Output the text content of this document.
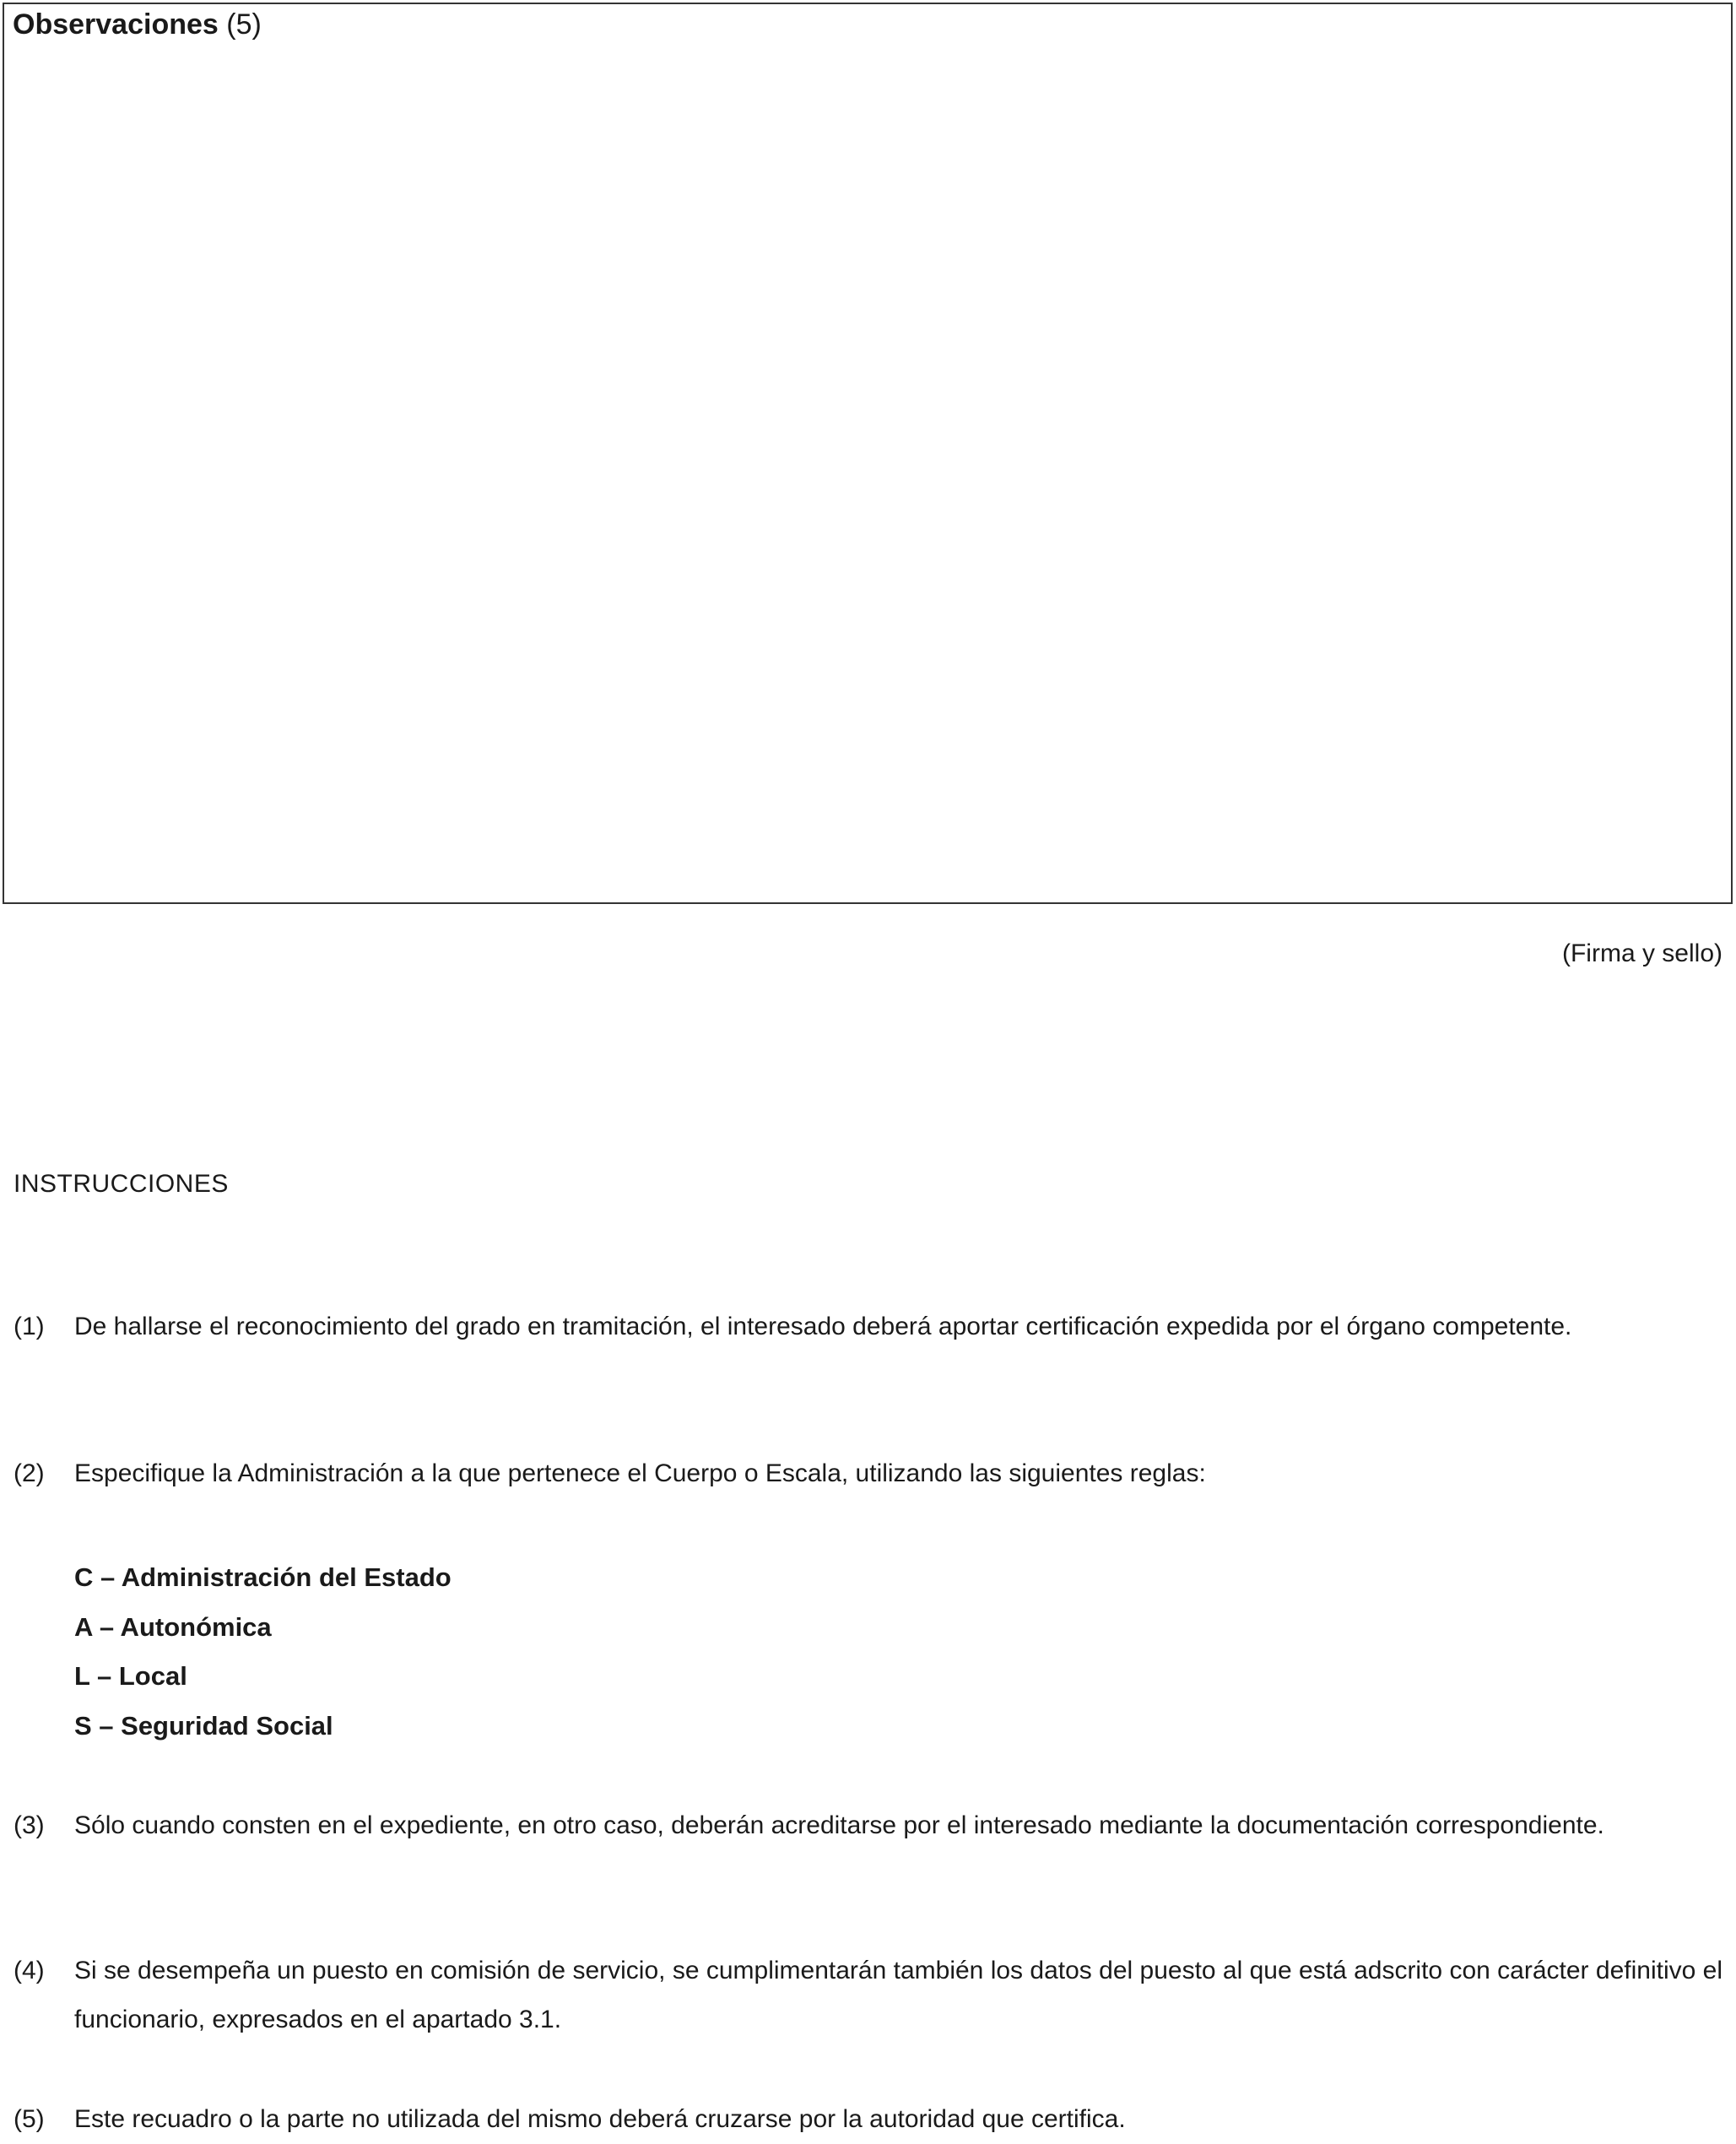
Observaciones (5)
(Firma y sello)
INSTRUCCIONES
(1)	De hallarse el reconocimiento del grado en tramitación, el interesado deberá aportar certificación expedida por el órgano competente.
(2)	Especifique la Administración a la que pertenece el Cuerpo o Escala, utilizando las siguientes reglas:
C – Administración del Estado
A – Autonómica
L – Local
S – Seguridad Social
(3)	Sólo cuando consten en el expediente, en otro caso, deberán acreditarse por el interesado mediante la documentación correspondiente.
(4)	Si se desempeña un puesto en comisión de servicio, se cumplimentarán también los datos del puesto al que está adscrito con carácter definitivo el funcionario, expresados en el apartado 3.1.
(5)	Este recuadro o la parte no utilizada del mismo deberá cruzarse por la autoridad que certifica.
